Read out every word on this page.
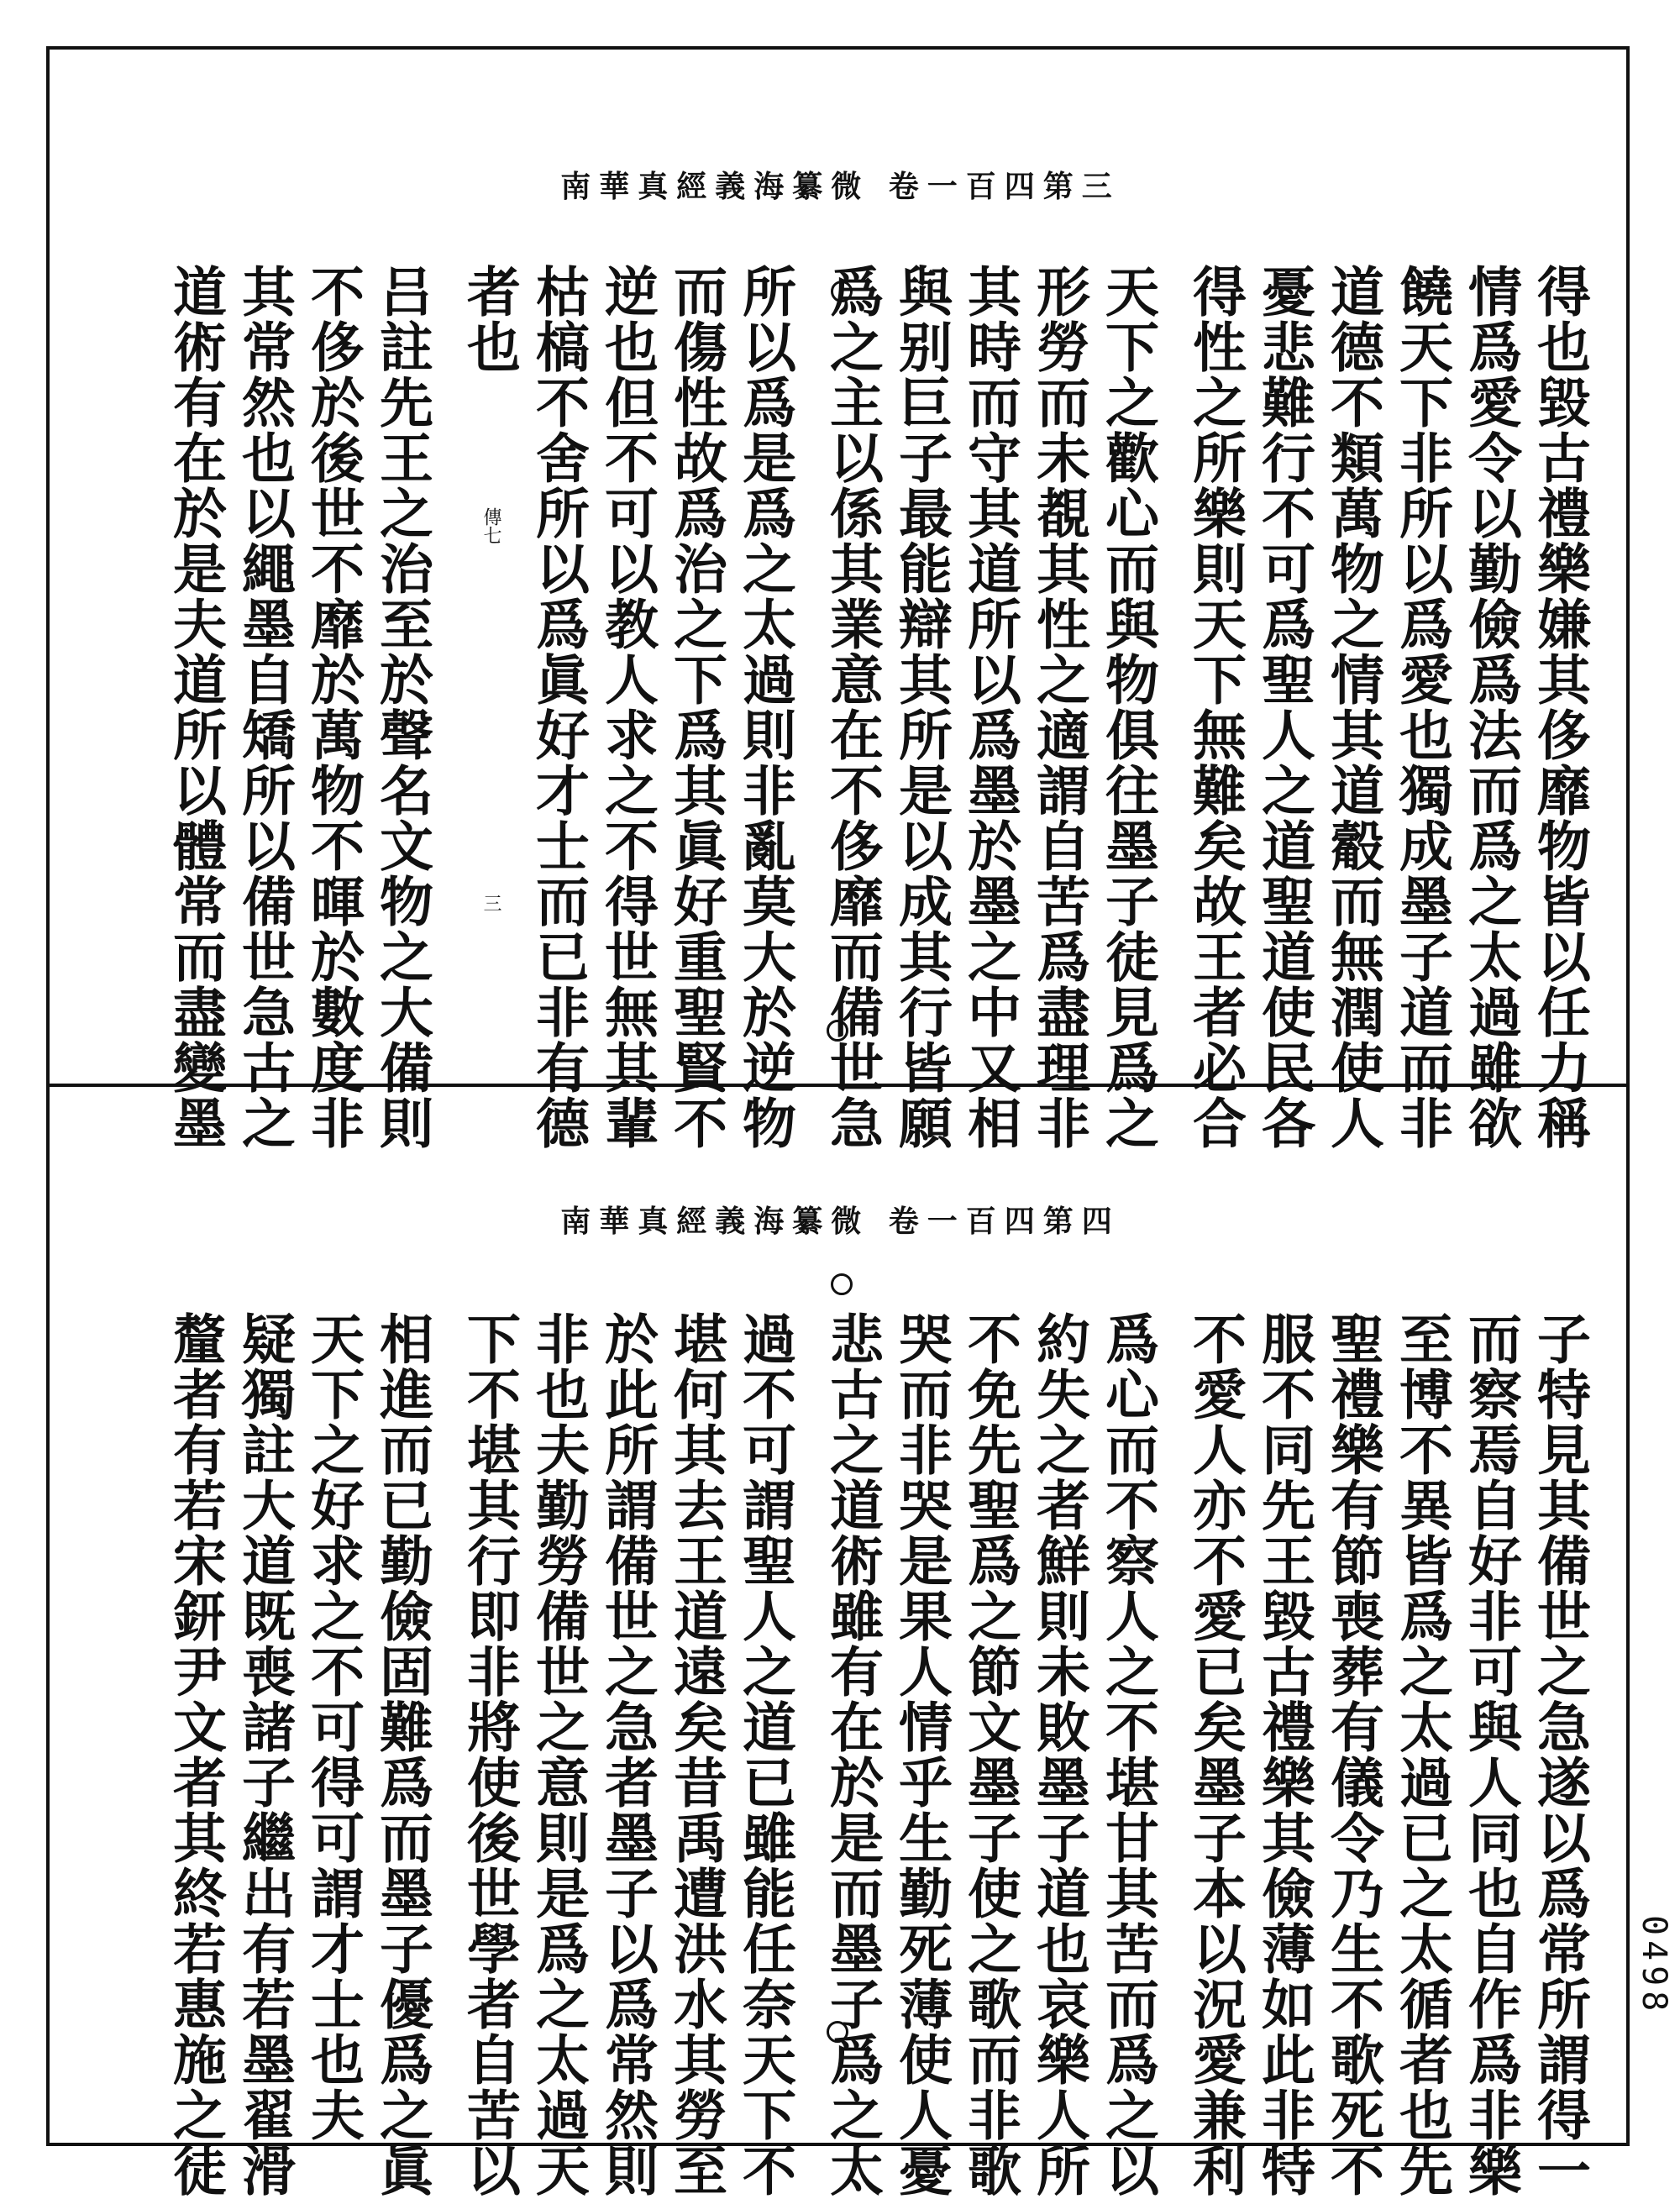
南華真經義海纂微 卷一百四第三
得也毀古禮樂嫌其侈靡物皆以任力稱
情爲愛令以勤儉爲法而爲之太過雖欲
饒天下非所以爲愛也獨成墨子道而非
道德不類萬物之情其道觳而無潤使人
憂悲難行不可爲聖人之道聖道使民各
得性之所樂則天下無難矣故王者必合
天下之歡心而與物俱往墨子徒見爲之
形勞而未覩其性之適謂自苦爲盡理非
其時而守其道所以爲墨於墨之中又相
與别巨子最能辯其所是以成其行皆願
爲之主以係其業意在不侈靡而備世急
所以爲是爲之太過則非亂莫大於逆物
而傷性故爲治之下爲其眞好重聖賢不
逆也但不可以教人求之不得世無其輩
枯槁不舍所以爲眞好才士而已非有德
者也
吕註先王之治至於聲名文物之大備則
不侈於後世不靡於萬物不暉於數度非
其常然也以繩墨自矯所以備世急古之
道術有在於是夫道所以體常而盡變墨	傳七
三
南華真經義海纂微 卷一百四第四
子特見其備世之急遂以爲常所謂得一
而察焉自好非可與人同也自作爲非樂
至博不異皆爲之太過已之太循者也先
聖禮樂有節喪葬有儀令乃生不歌死不
服不同先王毀古禮樂其儉薄如此非特
不愛人亦不愛已矣墨子本以況愛兼利
爲心而不察人之不堪甘其苦而爲之以
約失之者鮮則未敗墨子道也哀樂人所
不免先聖爲之節文墨子使之歌而非歌
哭而非哭是果人情乎生勤死薄使人憂
悲古之道術雖有在於是而墨子爲之太
過不可謂聖人之道已雖能任奈天下不
堪何其去王道遠矣昔禹遭洪水其勞至
於此所謂備世之急者墨子以爲常然則
非也夫勤勞備世之意則是爲之太過天
下不堪其行即非將使後世學者自苦以
相進而已勤儉固難爲而墨子優爲之眞
天下之好求之不可得可謂才士也夫
疑獨註大道既喪諸子繼出有若墨翟滑
釐者有若宋鈃尹文者其終若惠施之徒	0498
